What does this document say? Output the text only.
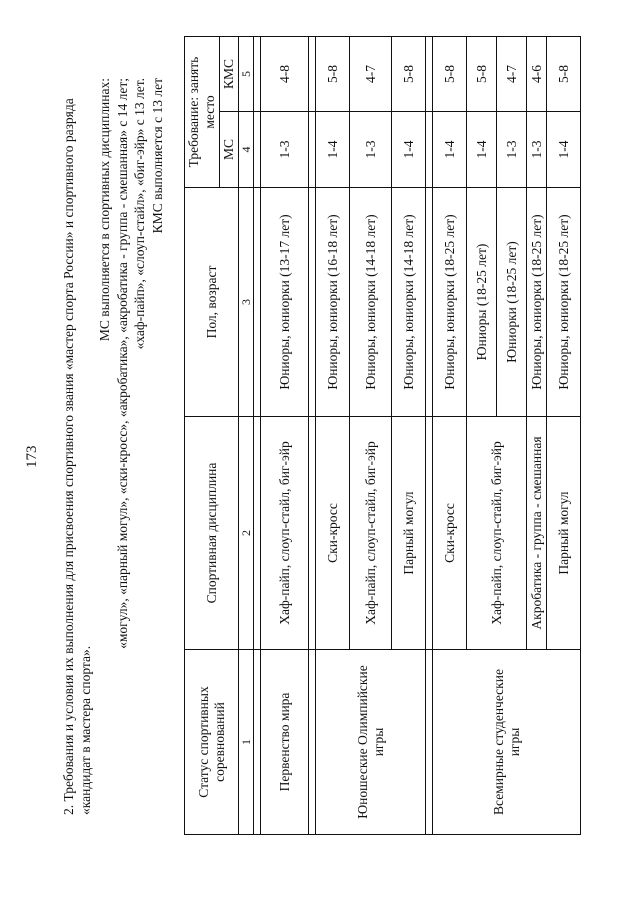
173 2. Требования и условия их выполнения для присвоения спортивного звания «мастер спорта России» и спортивного разряда «кандидат в мастера спорта».
МС выполняется в спортивных дисциплинах: «могул», «парный могул», «ски-кросс», «акробатика», «акробатика - группа - смешанная» с 14 лет; «хаф-пайп», «слоуп-стайл», «биг-эйр» с 13 лет. КМС выполняется с 13 лет
Статус спортивных соревнований	Спортивная дисциплина	Пол, возраст	Требование: занять место	
			МС	КМС
1	2	3	4	5

Первенство мира	Хаф-пайп, слоуп-стайл, биг-эйр	Юниоры, юниорки (13-17 лет)	1-3	4-8

Юношеские Олимпийские игры	Ски-кросс	Юниоры, юниорки (16-18 лет)	1-4	5-8
	Хаф-пайп, слоуп-стайл, биг-эйр	Юниоры, юниорки (14-18 лет)	1-3	4-7
	Парный могул	Юниоры, юниорки (14-18 лет)	1-4	5-8

Всемирные студенческие игры	Ски-кросс	Юниоры, юниорки (18-25 лет)	1-4	5-8
	Хаф-пайп, слоуп-стайл, биг-эйр	Юниоры (18-25 лет)	1-4	5-8
		Юниорки (18-25 лет)	1-3	4-7
	Акробатика - группа - смешанная	Юниоры, юниорки (18-25 лет)	1-3	4-6
	Парный могул	Юниоры, юниорки (18-25 лет)	1-4	5-8
